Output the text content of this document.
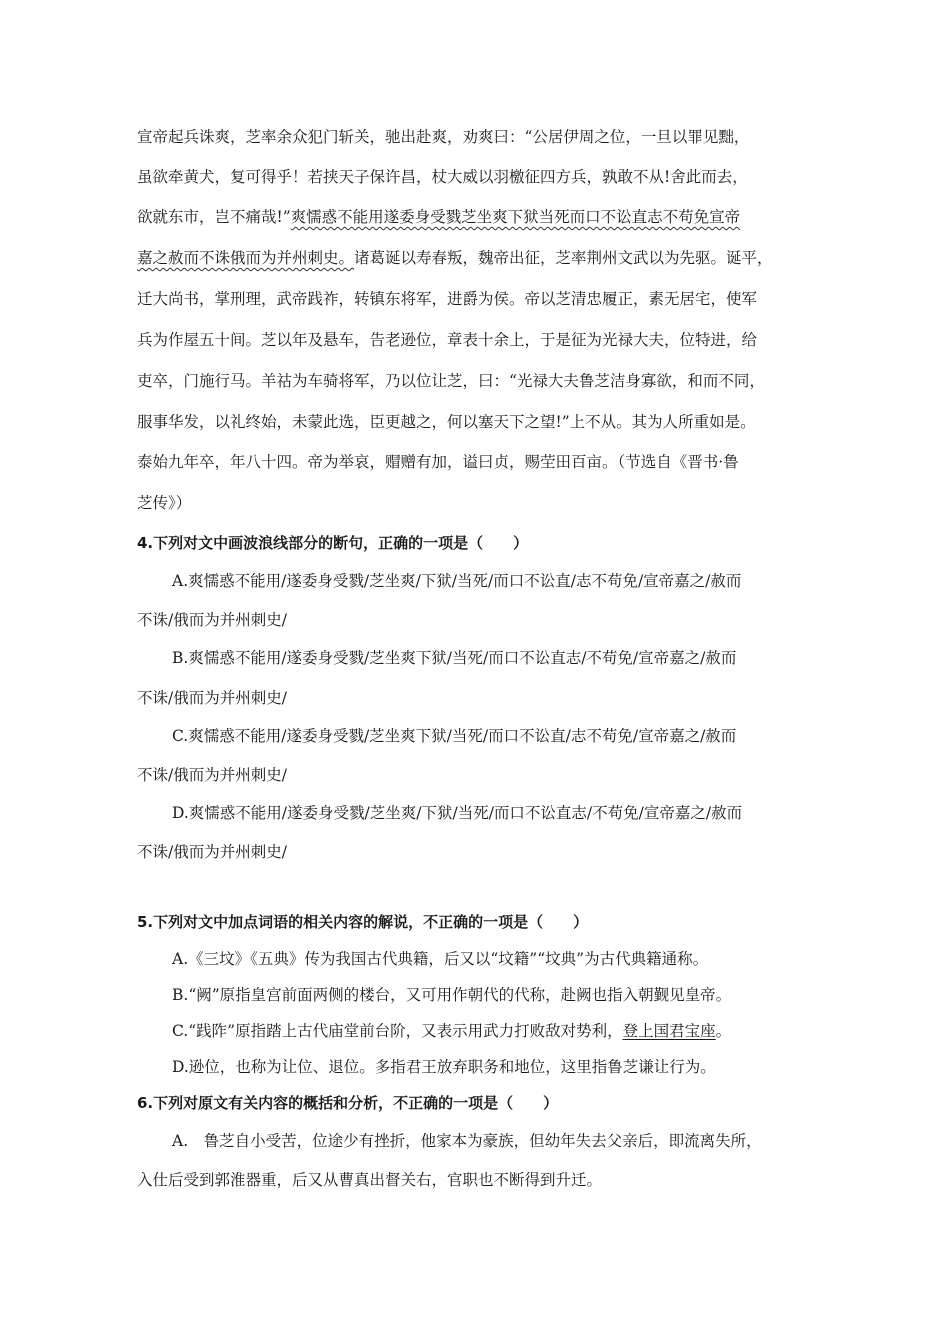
宣帝起兵诛爽，芝率余众犯门斩关，驰出赴爽，劝爽曰：“公居伊周之位，一旦以罪见黜，
虽欲牵黄犬，复可得乎！若挟天子保许昌，杖大威以羽檄征四方兵，孰敢不从!舍此而去，
欲就东市，岂不痛哉!”爽懦惑不能用遂委身受戮芝坐爽下狱当死而口不讼直志不苟免宣帝
嘉之赦而不诛俄而为并州刺史。诸葛诞以寿春叛，魏帝出征，芝率荆州文武以为先驱。诞平，
迁大尚书，掌刑理，武帝践祚，转镇东将军，进爵为侯。帝以芝清忠履正，素无居宅，使军
兵为作屋五十间。芝以年及悬车，告老逊位，章表十余上，于是征为光禄大夫，位特进，给
吏卒，门施行马。羊祜为车骑将军，乃以位让芝，曰：“光禄大夫鲁芝洁身寡欲，和而不同，
服事华发，以礼终始，未蒙此选，臣更越之，何以塞天下之望!”上不从。其为人所重如是。
泰始九年卒，年八十四。帝为举哀，赗赠有加，谥曰贞，赐茔田百亩。（节选自《晋书·鲁
芝传》）
4.下列对文中画波浪线部分的断句，正确的一项是（　　）
A.爽懦惑不能用/遂委身受戮/芝坐爽/下狱/当死/而口不讼直/志不苟免/宣帝嘉之/赦而
不诛/俄而为并州刺史/
B.爽懦惑不能用/遂委身受戮/芝坐爽下狱/当死/而口不讼直志/不苟免/宣帝嘉之/赦而
不诛/俄而为并州刺史/
C.爽懦惑不能用/遂委身受戮/芝坐爽下狱/当死/而口不讼直/志不苟免/宣帝嘉之/赦而
不诛/俄而为并州刺史/
D.爽懦惑不能用/遂委身受戮/芝坐爽/下狱/当死/而口不讼直志/不苟免/宣帝嘉之/赦而
不诛/俄而为并州刺史/
5.下列对文中加点词语的相关内容的解说，不正确的一项是（　　）
A.《三坟》《五典》传为我国古代典籍，后又以“坟籍”“坟典”为古代典籍通称。
B.“阙”原指皇宫前面两侧的楼台，又可用作朝代的代称，赴阙也指入朝觐见皇帝。
C.“践阼”原指踏上古代庙堂前台阶，又表示用武力打败敌对势利，登上国君宝座。
D.逊位，也称为让位、退位。多指君王放弃职务和地位，这里指鲁芝谦让行为。
6.下列对原文有关内容的概括和分析，不正确的一项是（　　）
A.　鲁芝自小受苦，位途少有挫折，他家本为豪族，但幼年失去父亲后，即流离失所，
入仕后受到郭淮器重，后又从曹真出督关右，官职也不断得到升迁。
